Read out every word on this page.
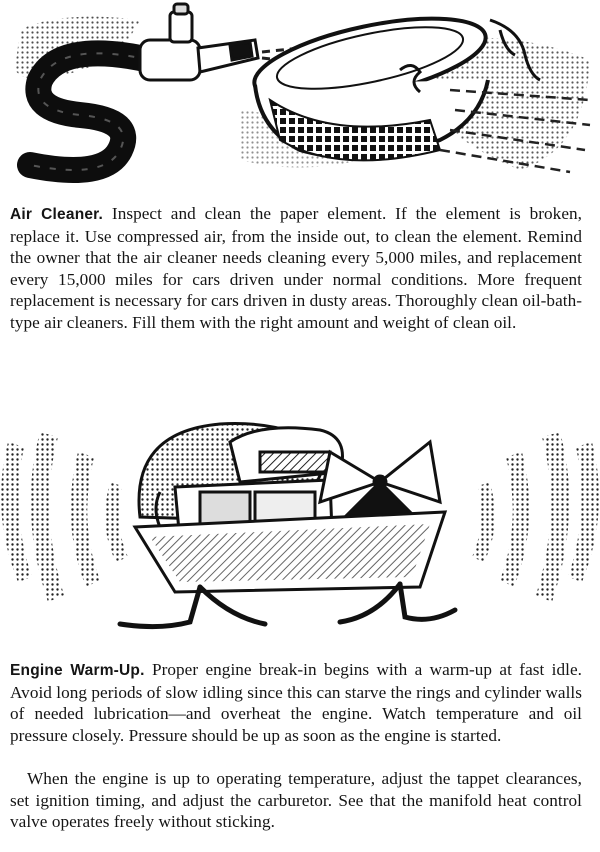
Air Cleaner. Inspect and clean the paper element. If the element is broken, replace it. Use compressed air, from the inside out, to clean the element. Remind the owner that the air cleaner needs cleaning every 5,000 miles, and replacement every 15,000 miles for cars driven under normal conditions. More frequent replacement is necessary for cars driven in dusty areas. Thoroughly clean oil-bath-type air cleaners. Fill them with the right amount and weight of clean oil.

Engine Warm-Up. Proper engine break-in begins with a warm-up at fast idle. Avoid long periods of slow idling since this can starve the rings and cylinder walls of needed lubrication—and overheat the engine. Watch temperature and oil pressure closely. Pressure should be up as soon as the engine is started.

When the engine is up to operating temperature, adjust the tappet clearances, set ignition timing, and adjust the carburetor. See that the manifold heat control valve operates freely without sticking.
